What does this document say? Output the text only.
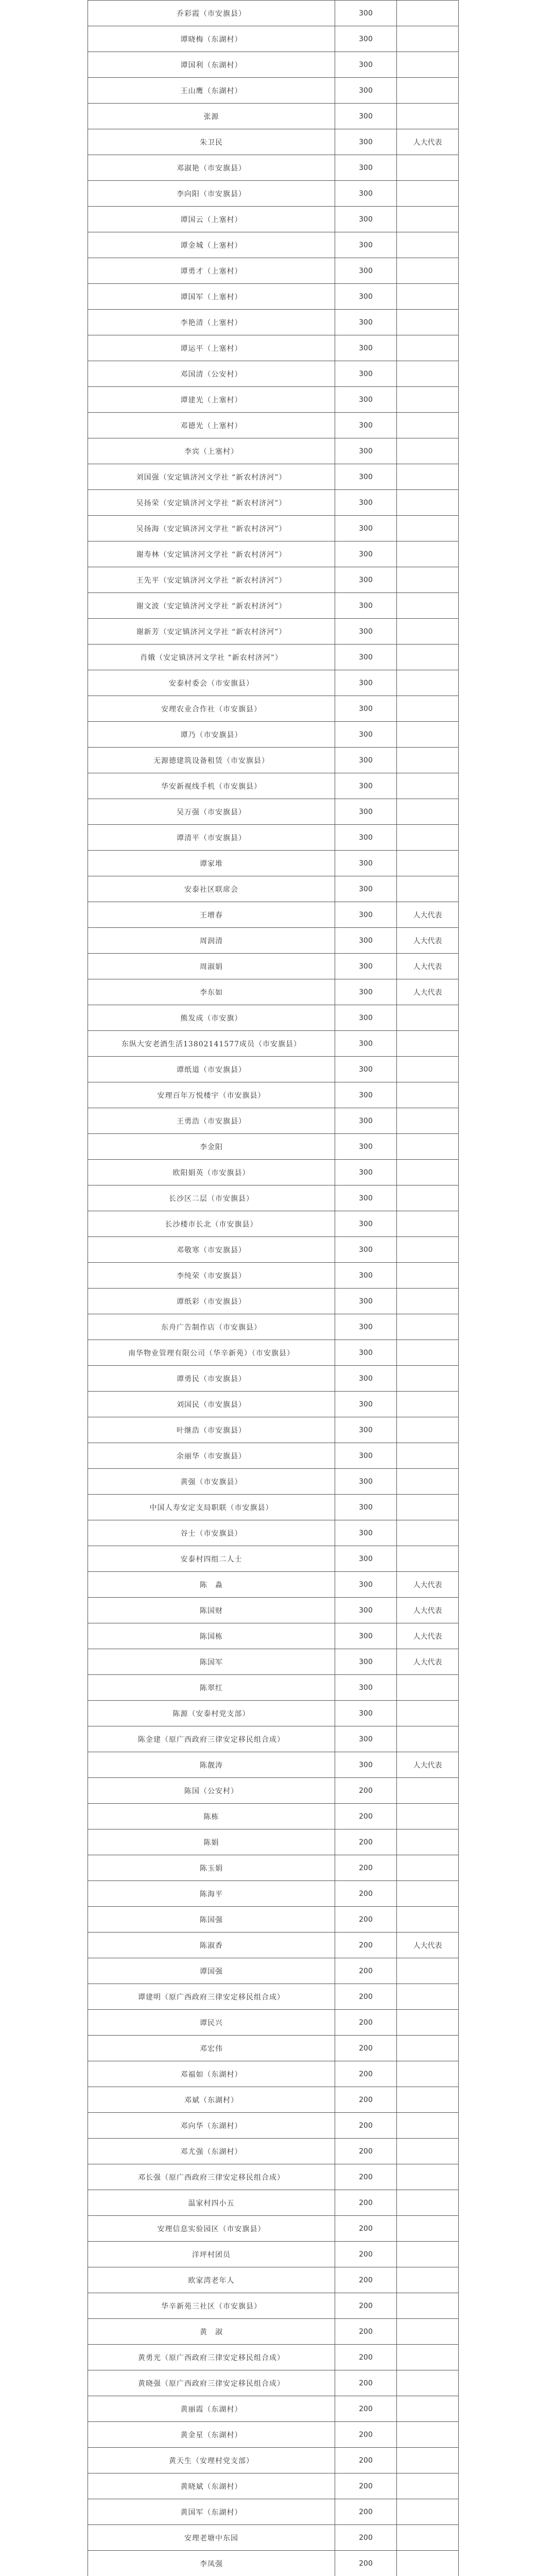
乔彩霞（市安旗县）	300	
谭晓梅（东湖村）	300	
谭国利（东湖村）	300	
王山鹰（东湖村）	300	
张源	300	
朱卫民	300	人大代表
邓淑艳（市安旗县）	300	
李向阳（市安旗县）	300	
谭国云（上塞村）	300	
谭金城（上塞村）	300	
谭勇才（上塞村）	300	
谭国军（上塞村）	300	
李艳清（上塞村）	300	
谭运平（上塞村）	300	
邓国清（公安村）	300	
谭建光（上塞村）	300	
邓德光（上塞村）	300	
李宾（上塞村）	300	
刘国强（安定镇济河文学社 “新农村济河”）	300	
吴扬荣（安定镇济河文学社 “新农村济河”）	300	
吴扬海（安定镇济河文学社 “新农村济河”）	300	
谢寿林（安定镇济河文学社 “新农村济河”）	300	
王先平（安定镇济河文学社 “新农村济河”）	300	
谢文波（安定镇济河文学社 “新农村济河”）	300	
谢新芳（安定镇济河文学社 “新农村济河”）	300	
肖娥（安定镇济河文学社 “新农村济河”）	300	
安泰村委会（市安旗县）	300	
安理农业合作社（市安旗县）	300	
谭乃（市安旗县）	300	
无源德建筑设备租赁（市安旗县）	300	
华安新视线手机（市安旗县）	300	
吴万强（市安旗县）	300	
谭清平（市安旗县）	300	
谭家堆	300	
安泰社区联席会	300	
王增春	300	人大代表
周润清	300	人大代表
周淑娟	300	人大代表
李东如	300	人大代表
熊发成（市安旗）	300	
东纵大安老酒生活13802141577成员（市安旗县）	300	
谭纸道（市安旗县）	300	
安理百年万悦楼宇（市安旗县）	300	
王勇浩（市安旗县）	300	
李金阳	300	
欧阳娟英（市安旗县）	300	
长沙区二层（市安旗县）	300	
长沙楼市长北（市安旗县）	300	
邓敬寒（市安旗县）	300	
李纯荣（市安旗县）	300	
谭纸彩（市安旗县）	300	
东舟广告制作店（市安旗县）	300	
南华物业管理有限公司（华辛新苑）（市安旗县）	300	
谭勇民（市安旗县）	300	
刘国民（市安旗县）	300	
叶继浩（市安旗县）	300	
余丽华（市安旗县）	300	
黄强（市安旗县）	300	
中国人寿安定支局职联（市安旗县）	300	
谷士（市安旗县）	300	
安泰村四组二人士	300	
陈　淼	300	人大代表
陈国财	300	人大代表
陈国栋	300	人大代表
陈国军	300	人大代表
陈翠红	300	
陈源（安泰村党支部）	300	
陈金建（原广西政府三律安定移民组合成）	300	
陈靓涛	300	人大代表
陈国（公安村）	200	
陈栋	200	
陈娟	200	
陈玉娟	200	
陈海平	200	
陈国强	200	
陈淑香	200	人大代表
谭国强	200	
谭建明（原广西政府三律安定移民组合成）	200	
谭民兴	200	
邓宏伟	200	
邓福如（东湖村）	200	
邓斌（东湖村）	200	
邓向华（东湖村）	200	
邓尤强（东湖村）	200	
邓长强（原广西政府三律安定移民组合成）	200	
温家村四小五	200	
安理信息实验园区（市安旗县）	200	
洋坪村团员	200	
欧家湾老年人	200	
华辛新苑三社区（市安旗县）	200	
黄　淑	200	
黄勇光（原广西政府三律安定移民组合成）	200	
黄晓强（原广西政府三律安定移民组合成）	200	
黄丽霞（东湖村）	200	
黄金星（东湖村）	200	
黄天生（安理村党支部）	200	
黄晓斌（东湖村）	200	
黄国军（东湖村）	200	
安理老塘中东园	200	
李凤强	200	
